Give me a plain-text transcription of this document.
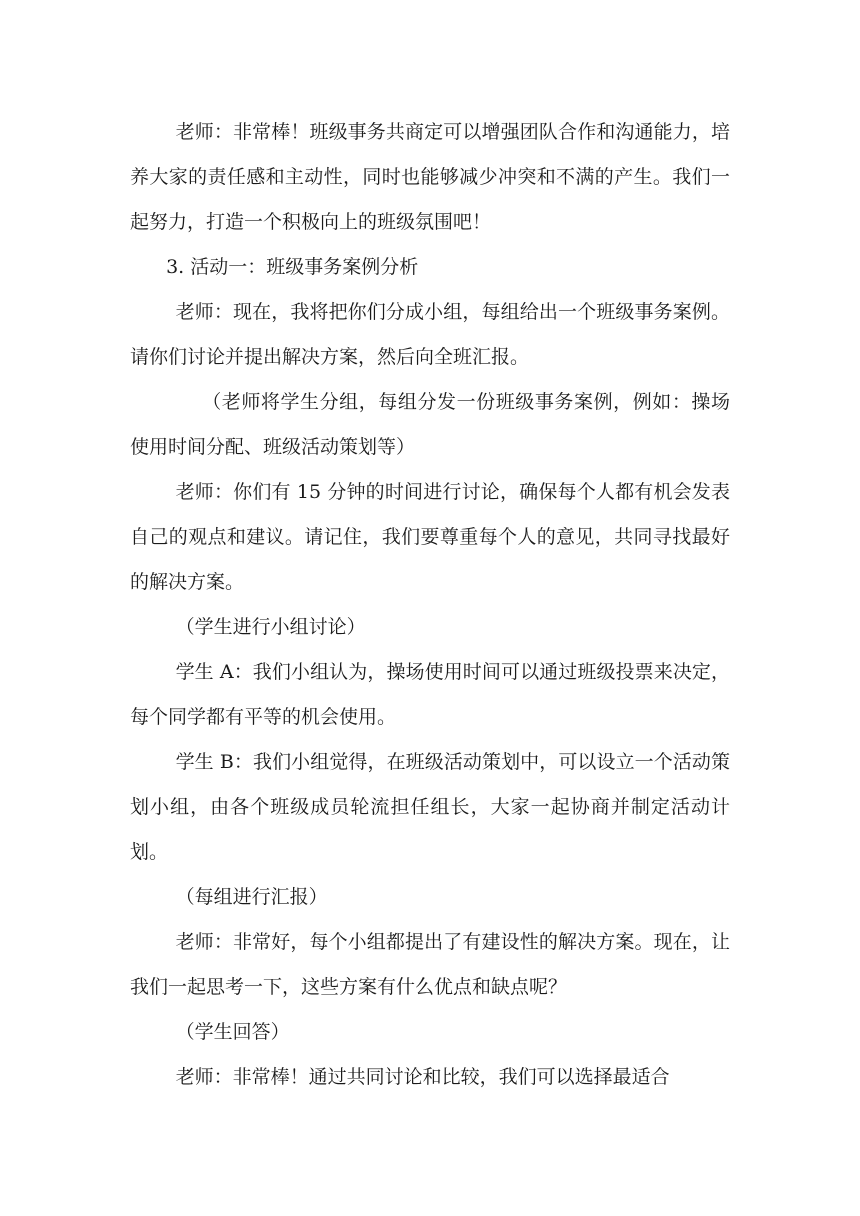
老师：非常棒！班级事务共商定可以增强团队合作和沟通能力，培养大家的责任感和主动性，同时也能够减少冲突和不满的产生。我们一起努力，打造一个积极向上的班级氛围吧！

3. 活动一：班级事务案例分析

老师：现在，我将把你们分成小组，每组给出一个班级事务案例。请你们讨论并提出解决方案，然后向全班汇报。

（老师将学生分组，每组分发一份班级事务案例，例如：操场使用时间分配、班级活动策划等）

老师：你们有 15 分钟的时间进行讨论，确保每个人都有机会发表自己的观点和建议。请记住，我们要尊重每个人的意见，共同寻找最好的解决方案。

（学生进行小组讨论）

学生 A：我们小组认为，操场使用时间可以通过班级投票来决定，每个同学都有平等的机会使用。

学生 B：我们小组觉得，在班级活动策划中，可以设立一个活动策划小组，由各个班级成员轮流担任组长，大家一起协商并制定活动计划。

（每组进行汇报）

老师：非常好，每个小组都提出了有建设性的解决方案。现在，让我们一起思考一下，这些方案有什么优点和缺点呢？

（学生回答）

老师：非常棒！通过共同讨论和比较，我们可以选择最适合
